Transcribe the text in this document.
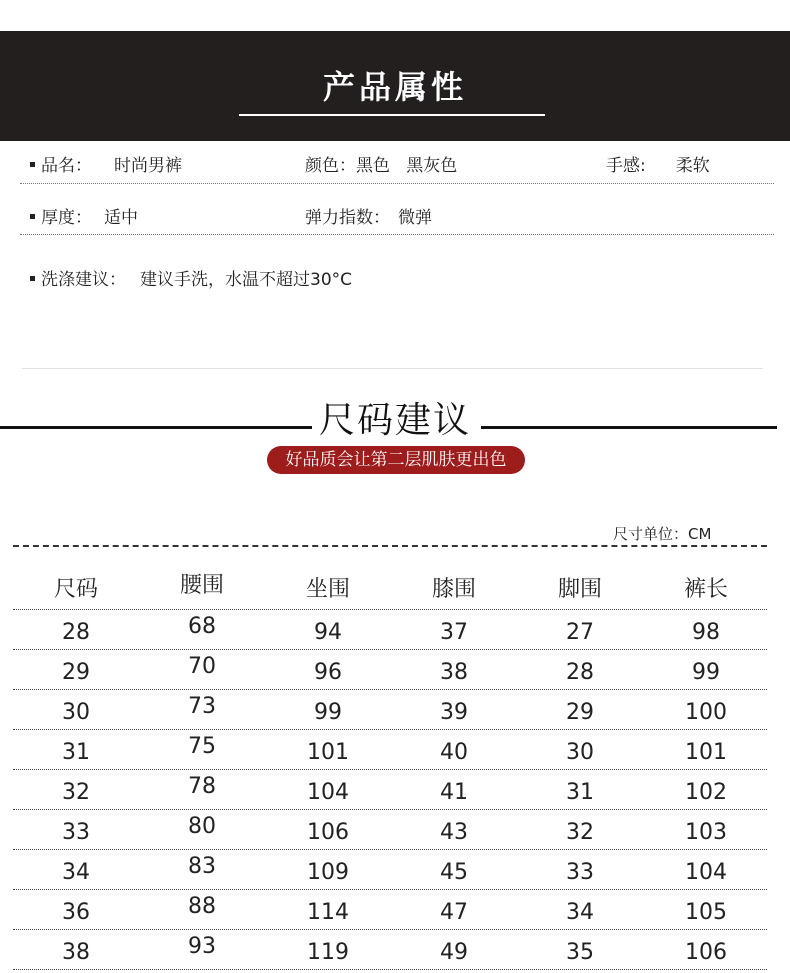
产品属性
品名： 时尚男裤	颜色：黑色   黑灰色	手感: 柔软
厚度： 适中	弹力指数： 微弹
洗涤建议： 建议手洗，水温不超过30°C
尺码建议
好品质会让第二层肌肤更出色
尺寸单位：CM
尺码	腰围	坐围	膝围	脚围	裤长
28	68	94	37	27	98
29	70	96	38	28	99
30	73	99	39	29	100
31	75	101	40	30	101
32	78	104	41	31	102
33	80	106	43	32	103
34	83	109	45	33	104
36	88	114	47	34	105
38	93	119	49	35	106
